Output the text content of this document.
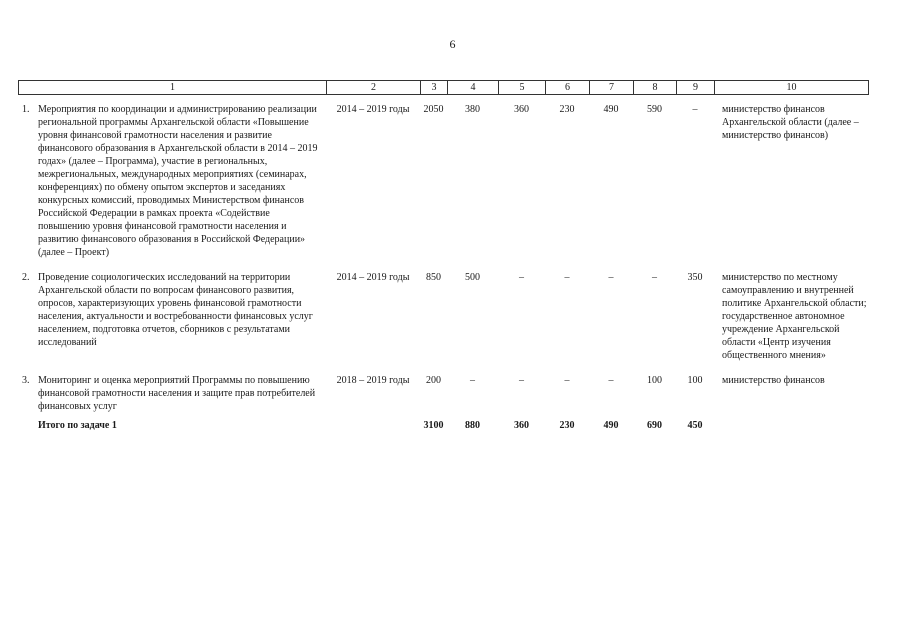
6
1	2	3	4	5	6	7	8	9	10
1.	Мероприятия по координации и администрированию реализации региональной программы Архангельской области «Повышение уровня финансовой грамотности населения и развитие финансового образования в Архангельской области в 2014 – 2019 годах» (далее – Программа), участие в региональных, межрегиональных, международных мероприятиях (семинарах, конференциях) по обмену опытом экспертов и заседаниях конкурсных комиссий, проводимых Министерством финансов Российской Федерации в рамках проекта «Содействие повышению уровня финансовой грамотности населения и развитию финансового образования в Российской Федерации» (далее – Проект)	2014 – 2019 годы	2050	380	360	230	490	590	–	министерство финансов Архангельской области (далее – министерство финансов)

2.	Проведение социологических исследований на территории Архангельской области по вопросам финансового развития, опросов, характеризующих уровень финансовой грамотности населения, актуальности и востребованности финансовых услуг населением, подготовка отчетов, сборников с результатами исследований	2014 – 2019 годы	850	500	–	–	–	–	350	министерство по местному самоуправлению и внутренней политике Архангельской области; государственное автономное учреждение Архангельской области «Центр изучения общественного мнения»

3.	Мониторинг и оценка мероприятий Программы по повышению финансовой грамотности населения и защите прав потребителей финансовых услуг	2018 – 2019 годы	200	–	–	–	–	100	100	министерство финансов
	Итого по задаче 1		3100	880	360	230	490	690	450	
